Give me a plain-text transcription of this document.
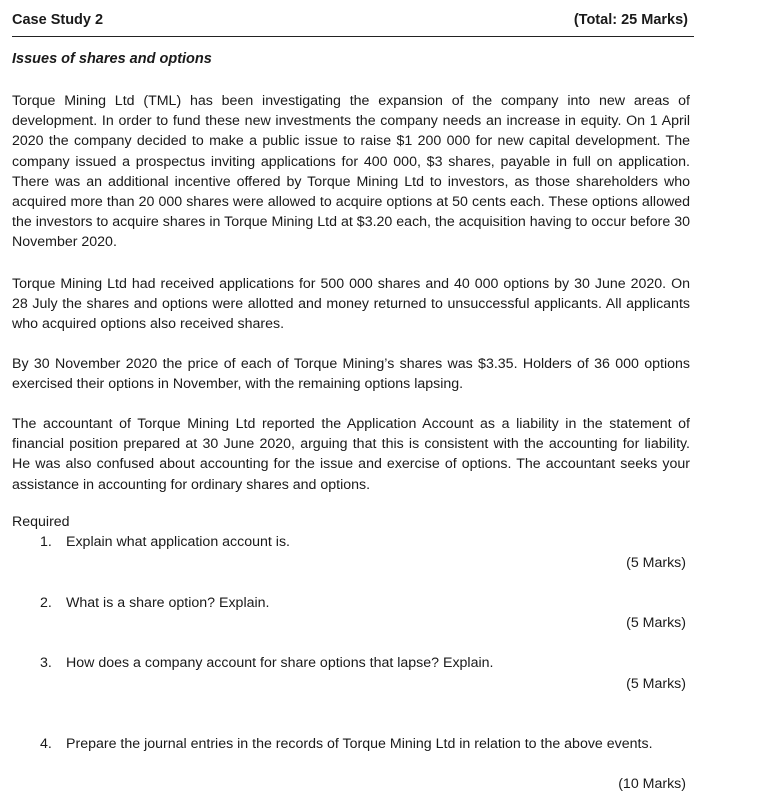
Case Study 2	(Total: 25 Marks)
Issues of shares and options

Torque Mining Ltd (TML) has been investigating the expansion of the company into new areas of development. In order to fund these new investments the company needs an increase in equity. On 1 April 2020 the company decided to make a public issue to raise $1 200 000 for new capital development. The company issued a prospectus inviting applications for 400 000, $3 shares, payable in full on application. There was an additional incentive offered by Torque Mining Ltd to investors, as those shareholders who acquired more than 20 000 shares were allowed to acquire options at 50 cents each. These options allowed the investors to acquire shares in Torque Mining Ltd at $3.20 each, the acquisition having to occur before 30 November 2020.

Torque Mining Ltd had received applications for 500 000 shares and 40 000 options by 30 June 2020. On 28 July the shares and options were allotted and money returned to unsuccessful applicants. All applicants who acquired options also received shares.

By 30 November 2020 the price of each of Torque Mining’s shares was $3.35. Holders of 36 000 options exercised their options in November, with the remaining options lapsing.

The accountant of Torque Mining Ltd reported the Application Account as a liability in the statement of financial position prepared at 30 June 2020, arguing that this is consistent with the accounting for liability. He was also confused about accounting for the issue and exercise of options. The accountant seeks your assistance in accounting for ordinary shares and options.

Required
1. Explain what application account is.
(5 Marks)
2. What is a share option? Explain.
(5 Marks)
3. How does a company account for share options that lapse? Explain.
(5 Marks)
4. Prepare the journal entries in the records of Torque Mining Ltd in relation to the above events.
(10 Marks)
